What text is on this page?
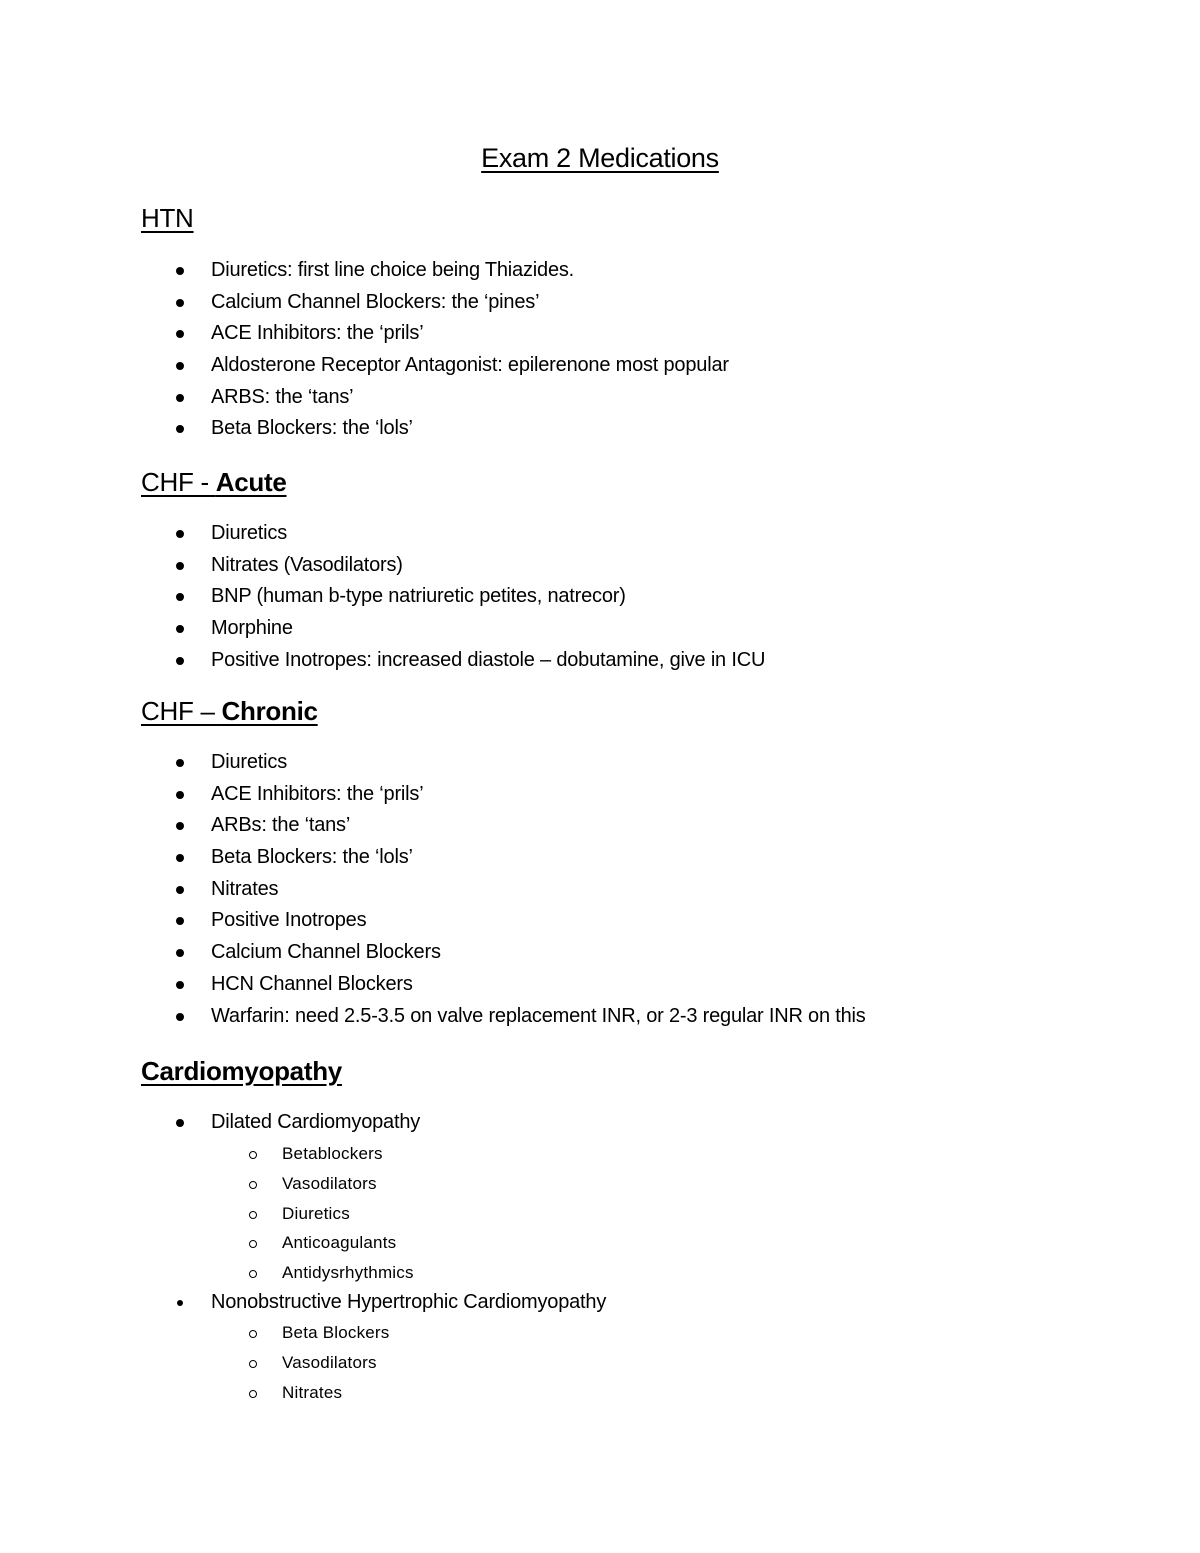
Exam 2 Medications
HTN
Diuretics: first line choice being Thiazides.
Calcium Channel Blockers: the ‘pines’
ACE Inhibitors: the ‘prils’
Aldosterone Receptor Antagonist: epilerenone most popular
ARBS: the ‘tans’
Beta Blockers: the ‘lols’
CHF - Acute
Diuretics
Nitrates (Vasodilators)
BNP (human b-type natriuretic petites, natrecor)
Morphine
Positive Inotropes: increased diastole – dobutamine, give in ICU
CHF – Chronic
Diuretics
ACE Inhibitors: the ‘prils’
ARBs: the ‘tans’
Beta Blockers: the ‘lols’
Nitrates
Positive Inotropes
Calcium Channel Blockers
HCN Channel Blockers
Warfarin: need 2.5-3.5 on valve replacement INR, or 2-3 regular INR on this
Cardiomyopathy
Dilated Cardiomyopathy
Betablockers
Vasodilators
Diuretics
Anticoagulants
Antidysrhythmics
Nonobstructive Hypertrophic Cardiomyopathy
Beta Blockers
Vasodilators
Nitrates
